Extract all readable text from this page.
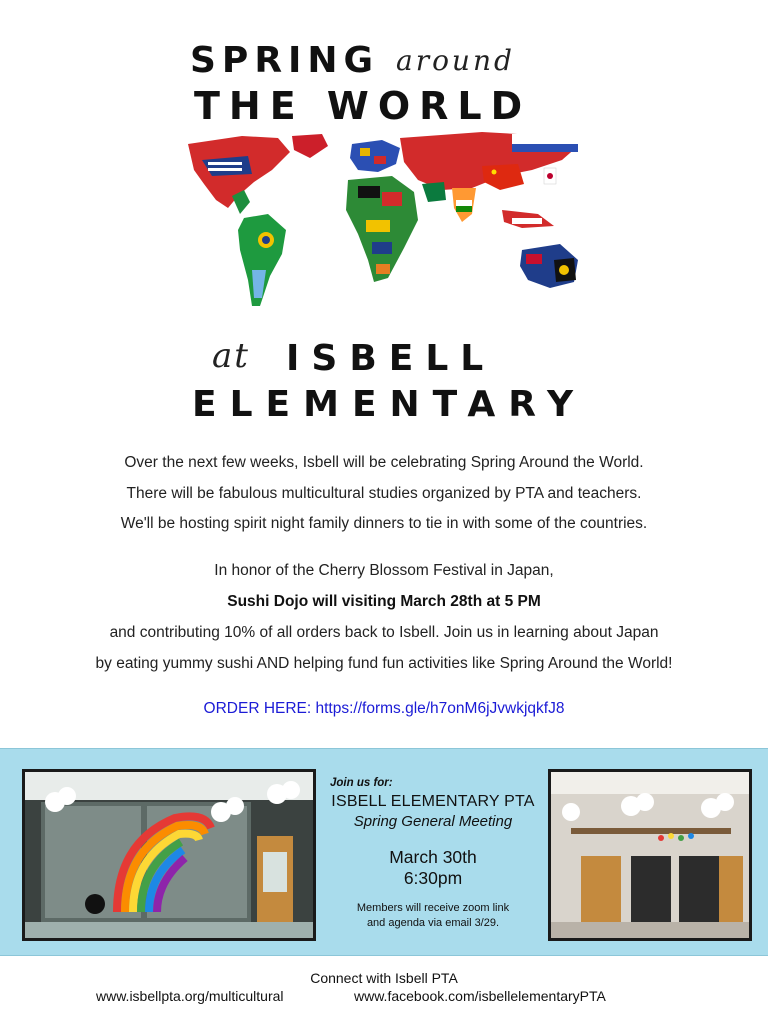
SPRING around
THE WORLD
at ISBELL
ELEMENTARY
Over the next few weeks, Isbell will be celebrating Spring Around the World.
There will be fabulous multicultural studies organized by PTA and teachers.
We'll be hosting spirit night family dinners to tie in with some of the countries.
In honor of the Cherry Blossom Festival in Japan,
Sushi Dojo will visiting March 28th at 5 PM
and contributing 10% of all orders back to Isbell. Join us in learning about Japan
by eating yummy sushi AND helping fund fun activities like Spring Around the World!
ORDER HERE: https://forms.gle/h7onM6jJvwkjqkfJ8
Join us for:
ISBELL ELEMENTARY PTA
Spring General Meeting
March 30th
6:30pm
Members will receive zoom link
and agenda via email 3/29.
Connect with Isbell PTA
www.isbellpta.org/multicultural	www.facebook.com/isbellelementaryPTA
